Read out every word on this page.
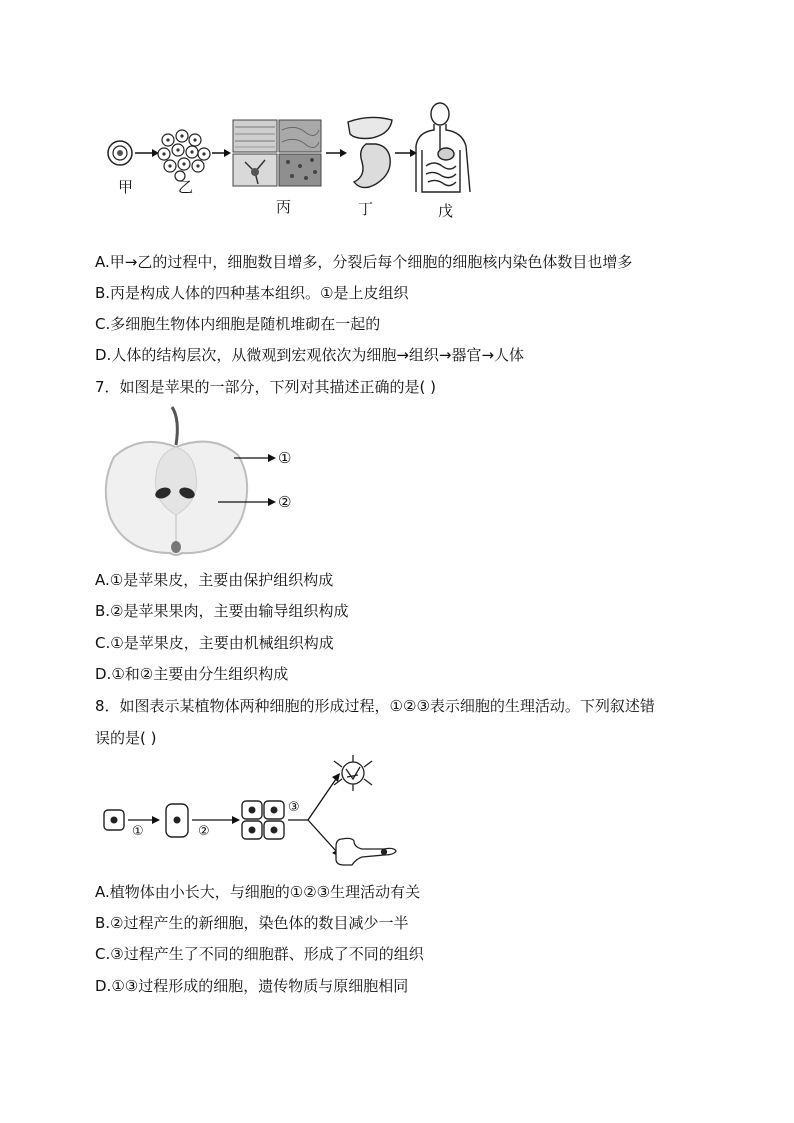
甲	乙
丙	丁	戊
A.甲→乙的过程中，细胞数目增多，分裂后每个细胞的细胞核内染色体数目也增多
B.丙是构成人体的四种基本组织。①是上皮组织
C.多细胞生物体内细胞是随机堆砌在一起的
D.人体的结构层次，从微观到宏观依次为细胞→组织→器官→人体
7．如图是苹果的一部分，下列对其描述正确的是( )
①
②
A.①是苹果皮，主要由保护组织构成
B.②是苹果果肉，主要由输导组织构成
C.①是苹果皮，主要由机械组织构成
D.①和②主要由分生组织构成
8．如图表示某植物体两种细胞的形成过程，①②③表示细胞的生理活动。下列叙述错
误的是( )
①	②
③
A.植物体由小长大，与细胞的①②③生理活动有关
B.②过程产生的新细胞，染色体的数目减少一半
C.③过程产生了不同的细胞群、形成了不同的组织
D.①③过程形成的细胞，遗传物质与原细胞相同
